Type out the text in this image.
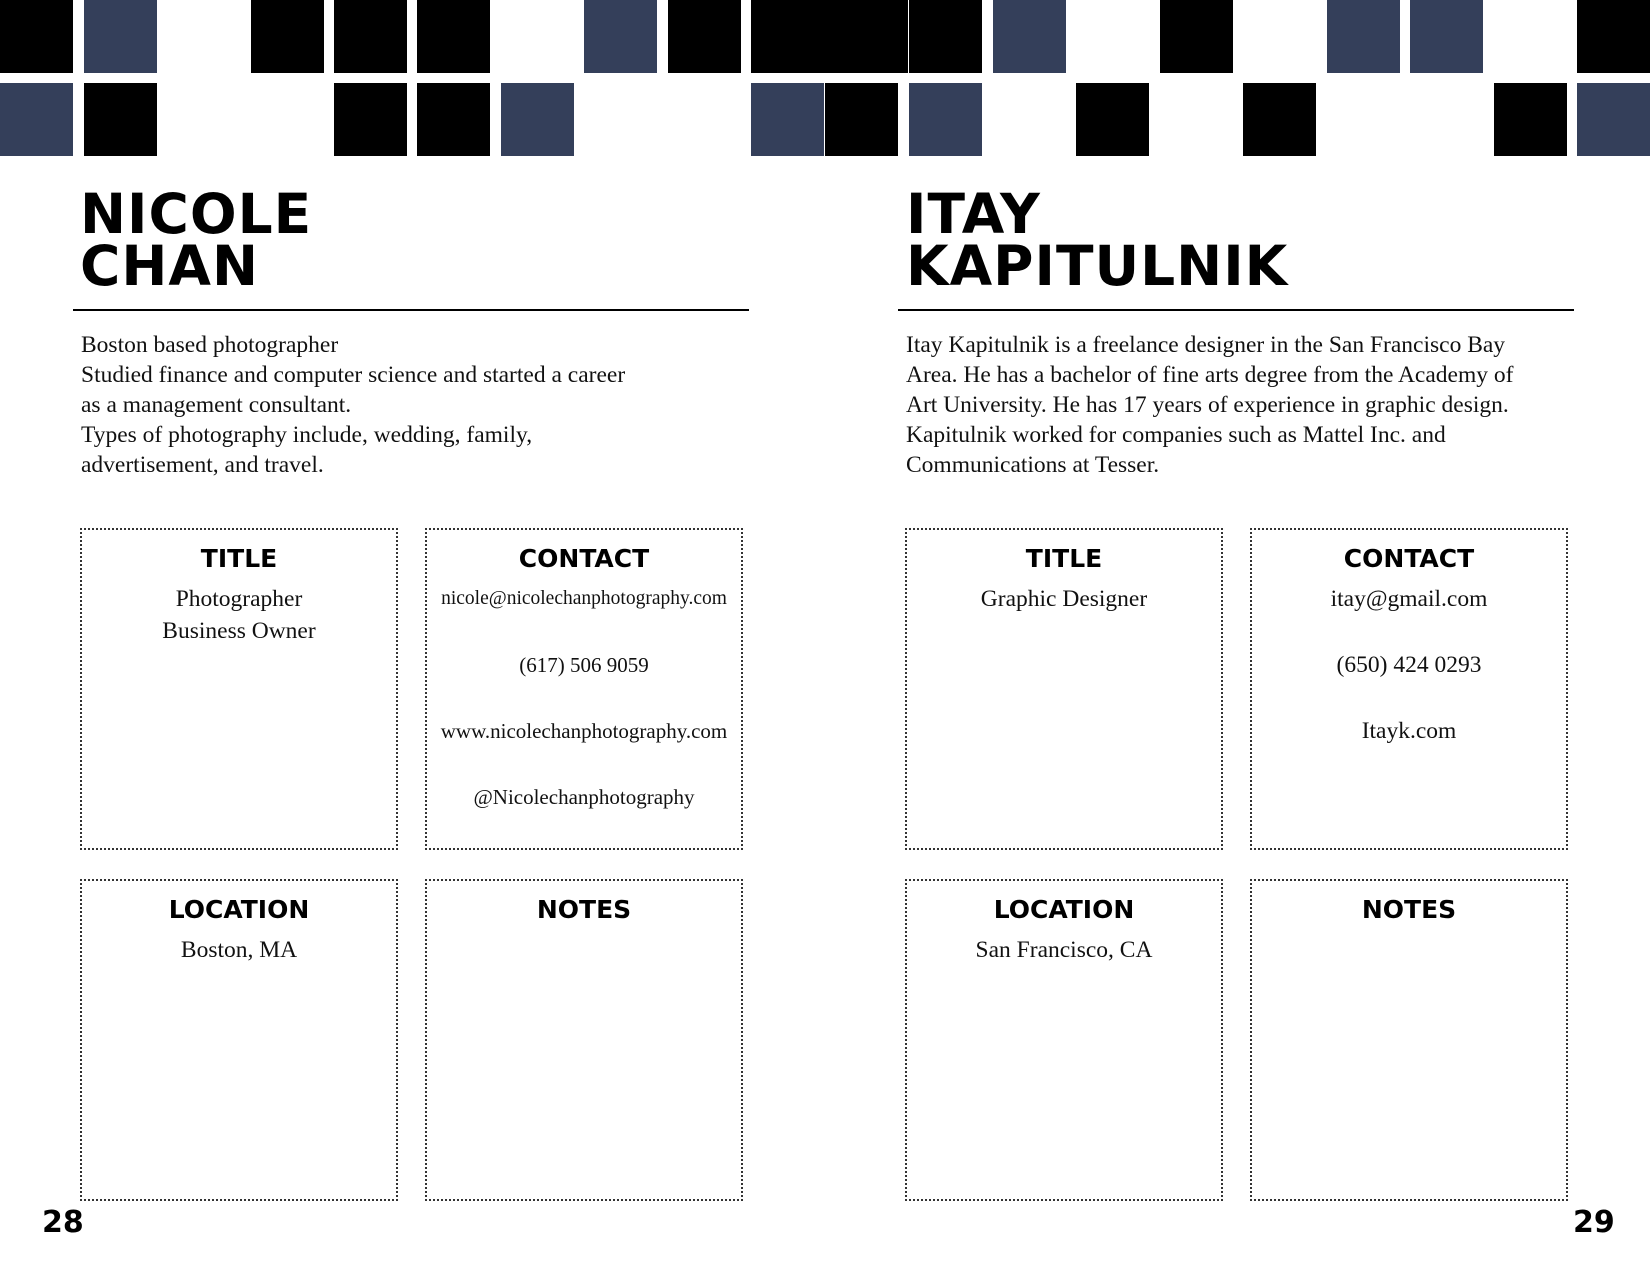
NICOLE
CHAN

Boston based photographer
Studied finance and computer science and started a career
as a management consultant.
Types of photography include, wedding, family,
advertisement, and travel.

TITLE
Photographer
Business Owner
CONTACT
nicole@nicolechanphotography.com
(617) 506 9059
www.nicolechanphotography.com
@Nicolechanphotography
LOCATION
Boston, MA
NOTES
28
ITAY
KAPITULNIK

Itay Kapitulnik is a freelance designer in the San Francisco Bay
Area. He has a bachelor of fine arts degree from the Academy of
Art University. He has 17 years of experience in graphic design.
Kapitulnik worked for companies such as Mattel Inc. and
Communications at Tesser.

TITLE
Graphic Designer
CONTACT
itay@gmail.com
(650) 424 0293
Itayk.com
LOCATION
San Francisco, CA
NOTES
29
